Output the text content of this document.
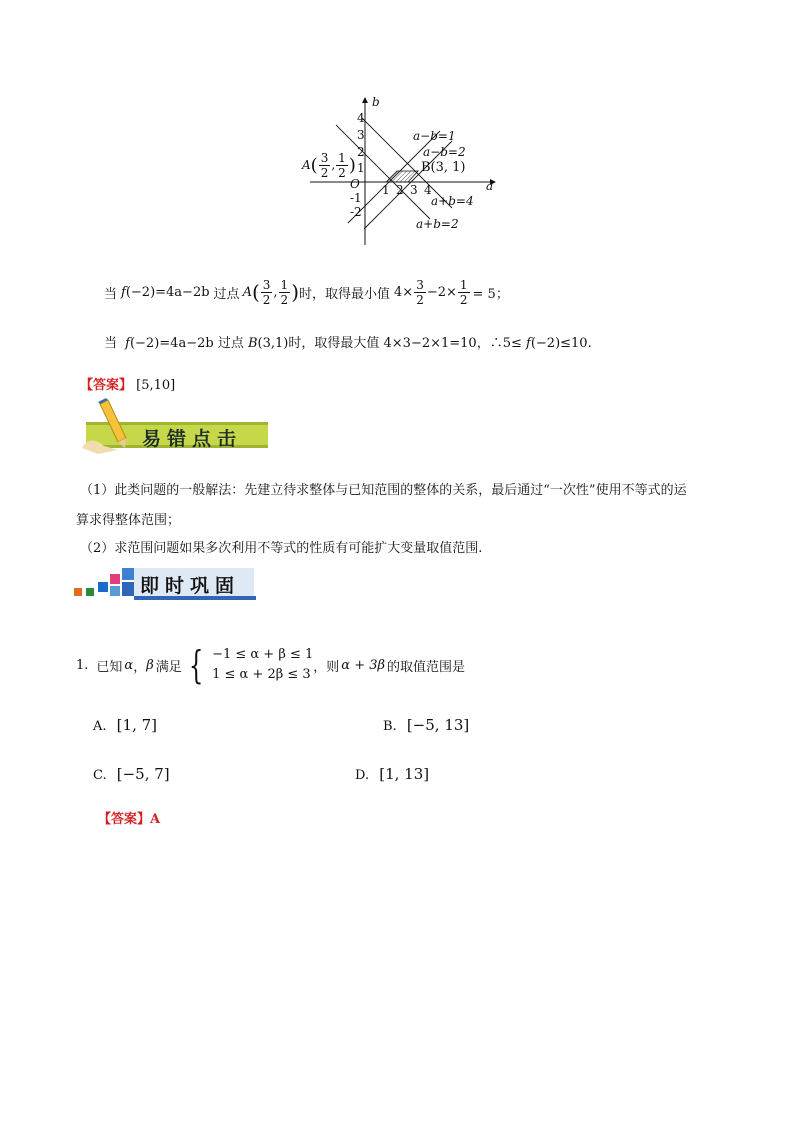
b
a
O
4
3
2
1
-1
-2
1 2 3 4
$A( \frac{3}{2}$ , $\frac{1}{2}$ )	B(3, 1)
a−b=1
a−b=2
a+b=4
a+b=2
当 f (−2) =4a−2b 过点 A ( $\frac{3}{2}$ , $\frac{1}{2}$ ) 时，取得最小值 $4\times \frac{3}{2} -2\times \frac{1}{2} = 5$；
当 f(−2)=4a−2b 过点 B(3,1)时，取得最大值 4×3−2×1=10，∴5≤ f(−2)≤10.
【答案】 [5,10]
易错点击
（1）此类问题的一般解法：先建立待求整体与已知范围的整体的关系，最后通过“一次性”使用不等式的运
算求得整体范围；
（2）求范围问题如果多次利用不等式的性质有可能扩大变量取值范围.
即时巩固
1. 已知 α ， β 满足 { −1 ≤ α + β ≤ 1
1 ≤ α + 2β ≤ 3 ，则 α + 3β 的取值范围是
A. [1, 7]	B. [−5, 13]
C. [−5, 7]	D. [1, 13]
【答案】A
